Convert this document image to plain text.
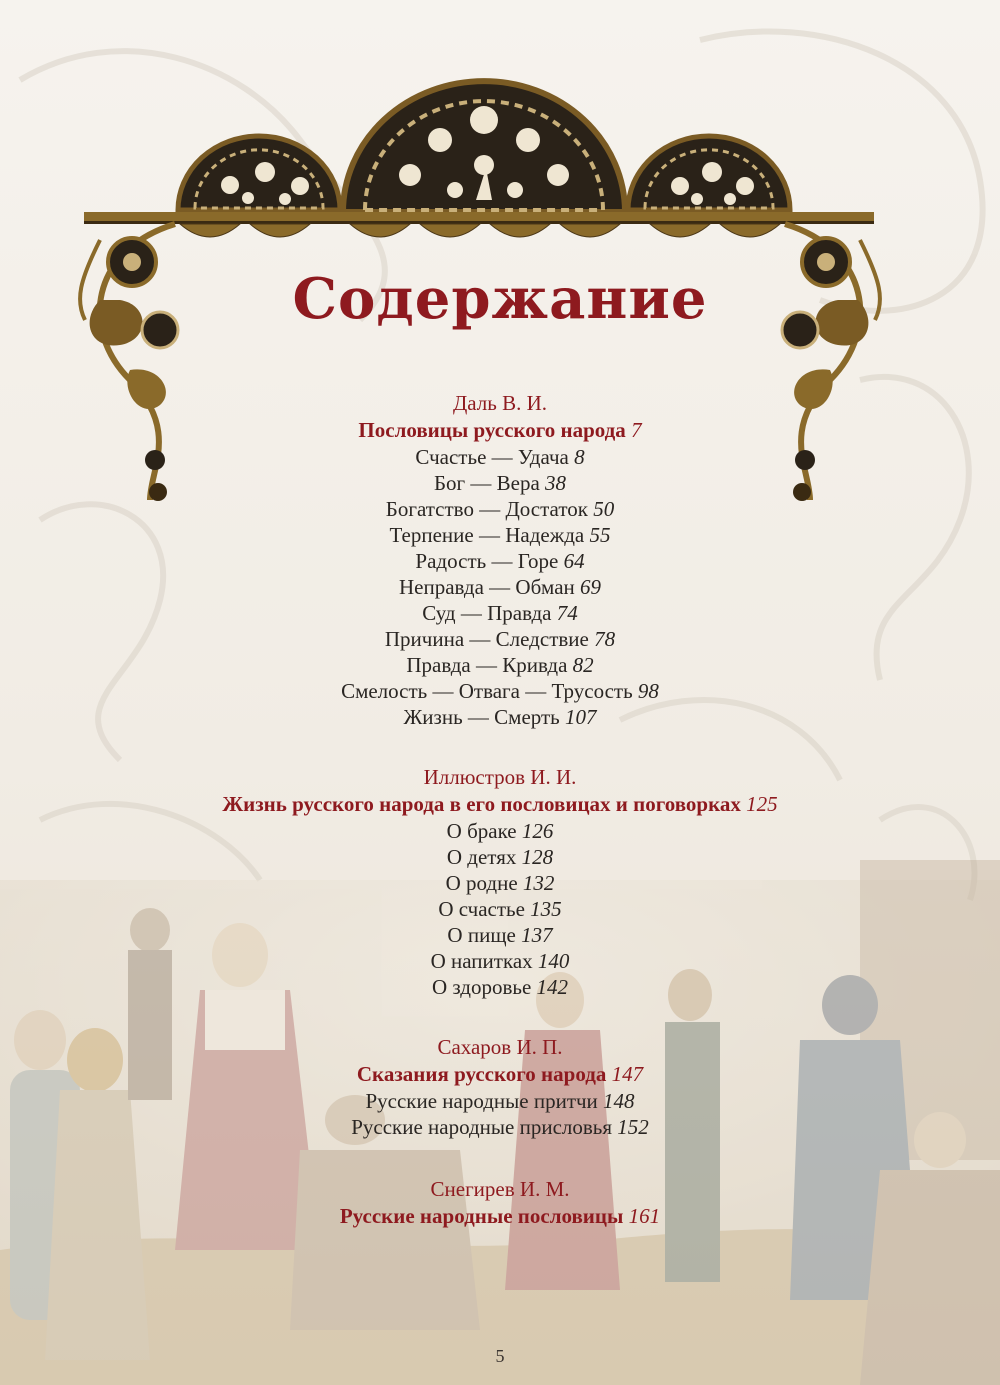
Содержание
Даль В. И.
Пословицы русского народа 7
Счастье — Удача 8
Бог — Вера 38
Богатство — Достаток 50
Терпение — Надежда 55
Радость — Горе 64
Неправда — Обман 69
Суд — Правда 74
Причина — Следствие 78
Правда — Кривда 82
Смелость — Отвага — Трусость 98
Жизнь — Смерть 107
Иллюстров И. И.
Жизнь русского народа в его пословицах и поговорках 125
О браке 126
О детях 128
О родне 132
О счастье 135
О пище 137
О напитках 140
О здоровье 142
Сахаров И. П.
Сказания русского народа 147
Русские народные притчи 148
Русские народные присловья 152
Снегирев И. М.
Русские народные пословицы 161
5
